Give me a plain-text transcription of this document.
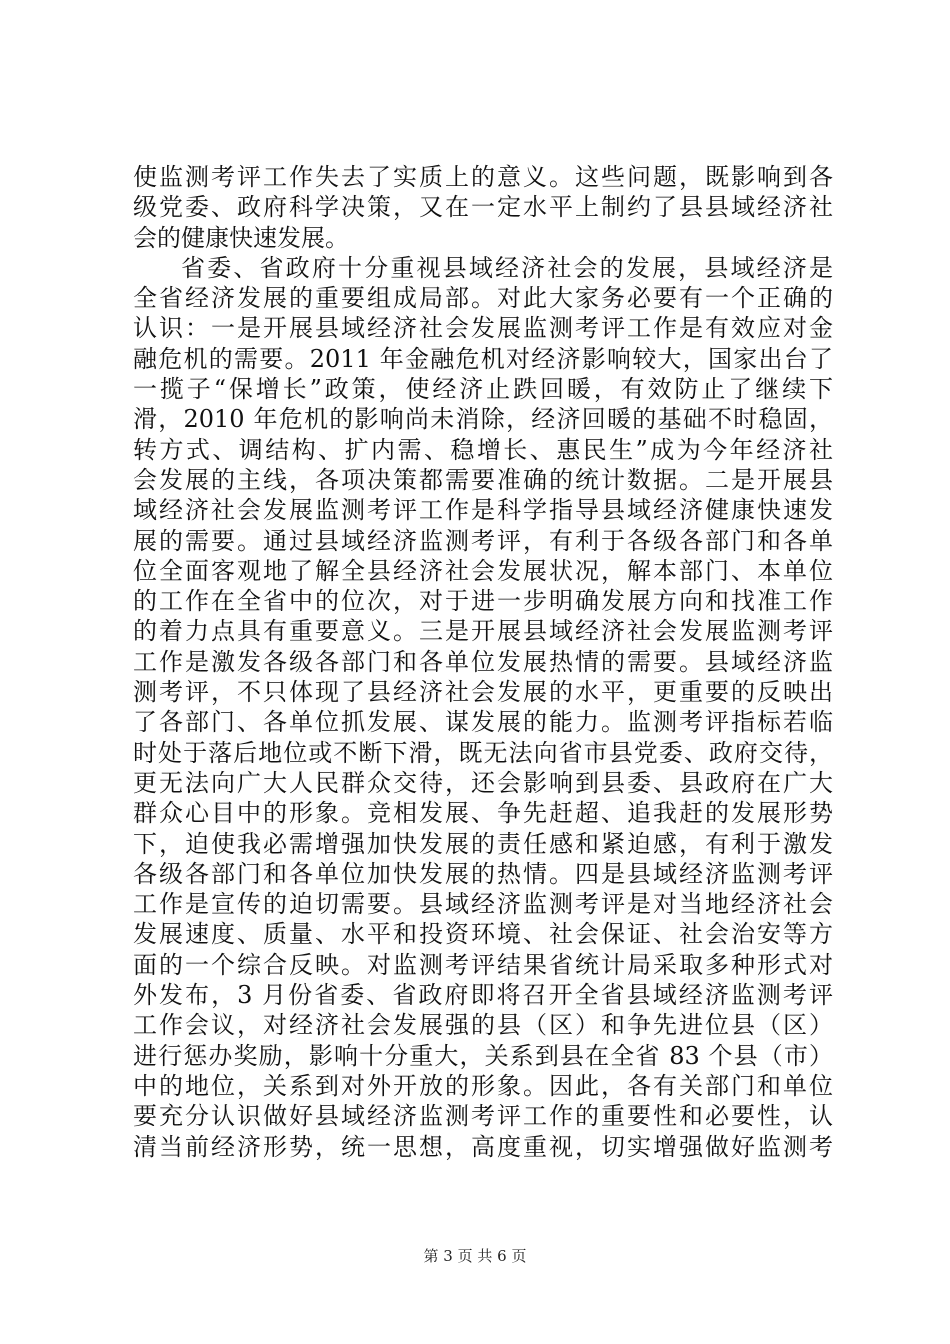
使监测考评工作失去了实质上的意义。这些问题，既影响到各
级党委、政府科学决策，又在一定水平上制约了县县域经济社
会的健康快速发展。
省委、省政府十分重视县域经济社会的发展，县域经济是
全省经济发展的重要组成局部。对此大家务必要有一个正确的
认识：一是开展县域经济社会发展监测考评工作是有效应对金
融危机的需要。2011 年金融危机对经济影响较大，国家出台了
一揽子“保增长”政策，使经济止跌回暖，有效防止了继续下
滑，2010 年危机的影响尚未消除，经济回暖的基础不时稳固，
转方式、调结构、扩内需、稳增长、惠民生”成为今年经济社
会发展的主线，各项决策都需要准确的统计数据。二是开展县
域经济社会发展监测考评工作是科学指导县域经济健康快速发
展的需要。通过县域经济监测考评，有利于各级各部门和各单
位全面客观地了解全县经济社会发展状况，解本部门、本单位
的工作在全省中的位次，对于进一步明确发展方向和找准工作
的着力点具有重要意义。三是开展县域经济社会发展监测考评
工作是激发各级各部门和各单位发展热情的需要。县域经济监
测考评，不只体现了县经济社会发展的水平，更重要的反映出
了各部门、各单位抓发展、谋发展的能力。监测考评指标若临
时处于落后地位或不断下滑，既无法向省市县党委、政府交待，
更无法向广大人民群众交待，还会影响到县委、县政府在广大
群众心目中的形象。竞相发展、争先赶超、追我赶的发展形势
下，迫使我必需增强加快发展的责任感和紧迫感，有利于激发
各级各部门和各单位加快发展的热情。四是县域经济监测考评
工作是宣传的迫切需要。县域经济监测考评是对当地经济社会
发展速度、质量、水平和投资环境、社会保证、社会治安等方
面的一个综合反映。对监测考评结果省统计局采取多种形式对
外发布，3 月份省委、省政府即将召开全省县域经济监测考评
工作会议，对经济社会发展强的县（区）和争先进位县（区）
进行惩办奖励，影响十分重大，关系到县在全省 83 个县（市）
中的地位，关系到对外开放的形象。因此，各有关部门和单位
要充分认识做好县域经济监测考评工作的重要性和必要性，认
清当前经济形势，统一思想，高度重视，切实增强做好监测考
第 3 页 共 6 页
